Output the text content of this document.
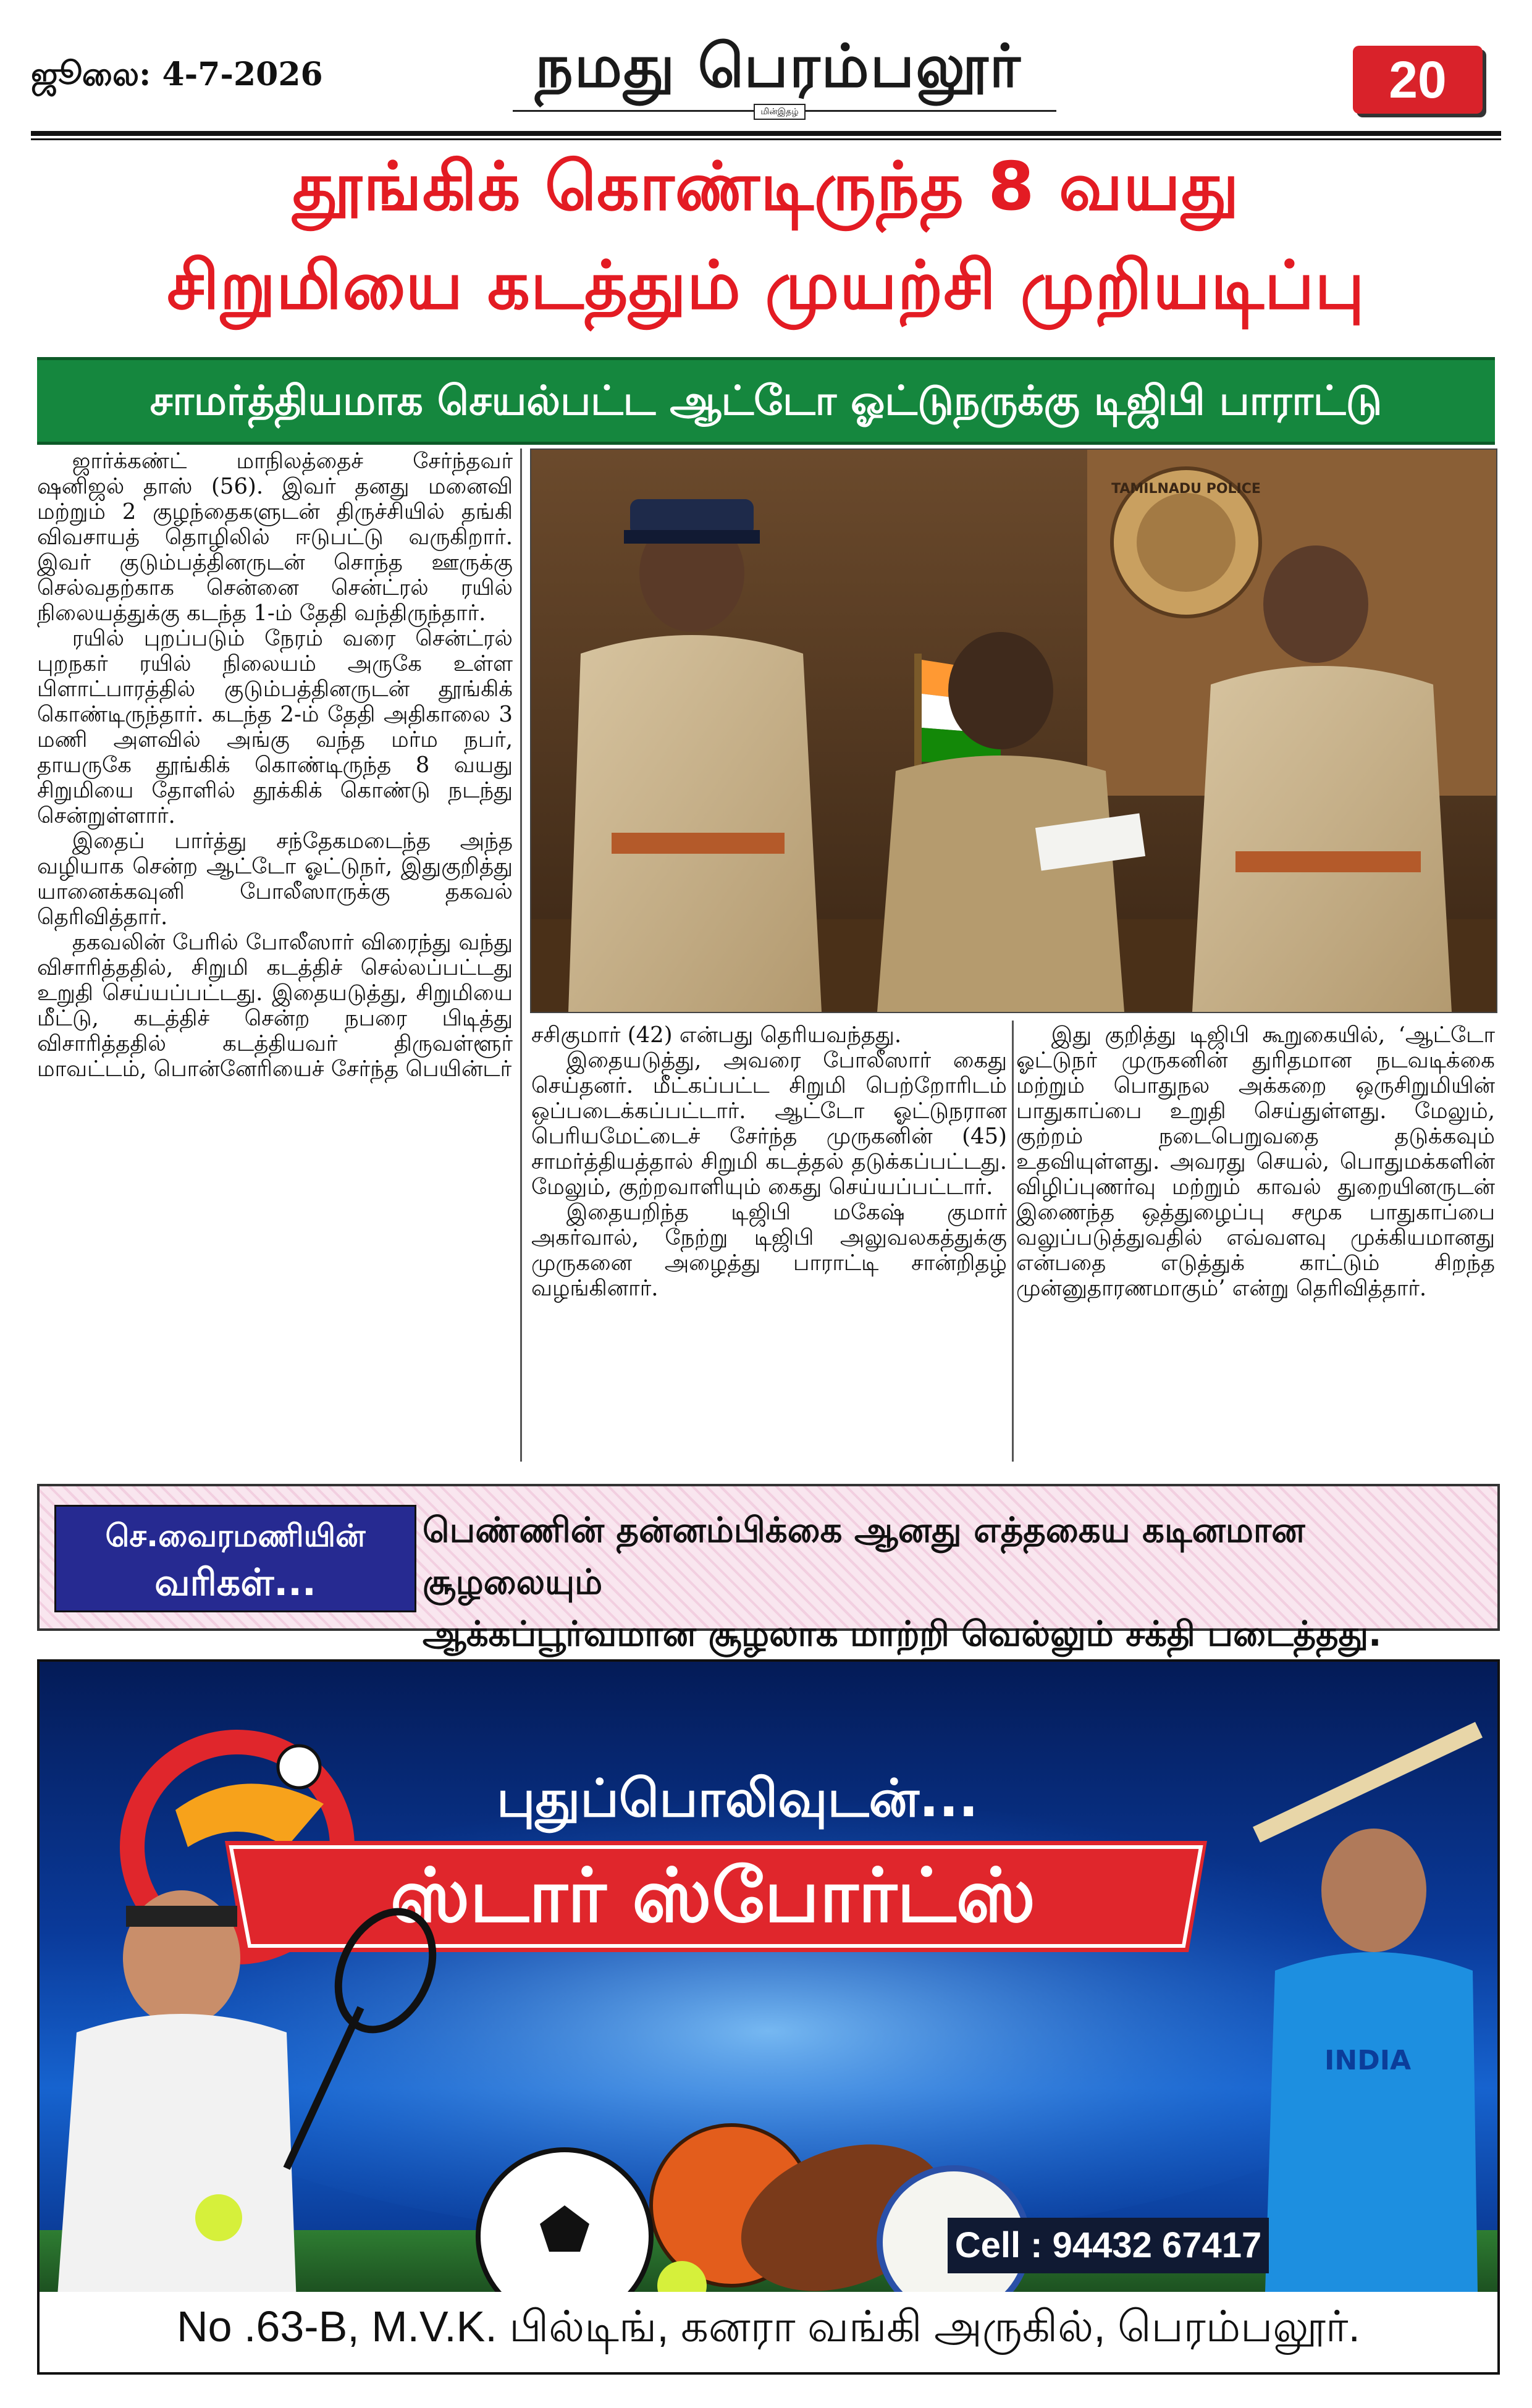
ஜூலை: 4-7-2026	நமது பெரம்பலூர்
மின்இதழ்
20
தூங்கிக் கொண்டிருந்த 8 வயது
சிறுமியை கடத்தும் முயற்சி முறியடிப்பு
சாமர்த்தியமாக செயல்பட்ட ஆட்டோ ஓட்டுநருக்கு டிஜிபி பாராட்டு

ஜார்க்கண்ட் மாநிலத்தைச் சேர்ந்தவர் ஷனிஜல் தாஸ் (56). இவர் தனது மனைவி மற்றும் 2 குழந்தைகளுடன் திருச்சியில் தங்கி விவசாயத் தொழிலில் ஈடுபட்டு வருகிறார். இவர் குடும்பத்தினருடன் சொந்த ஊருக்கு செல்வதற்காக சென்னை சென்ட்ரல் ரயில் நிலையத்துக்கு கடந்த 1-ம் தேதி வந்திருந்தார்.

ரயில் புறப்படும் நேரம் வரை சென்ட்ரல் புறநகர் ரயில் நிலையம் அருகே உள்ள பிளாட்பாரத்தில் குடும்பத்தினருடன் தூங்கிக் கொண்டிருந்தார். கடந்த 2-ம் தேதி அதிகாலை 3 மணி அளவில் அங்கு வந்த மர்ம நபர், தாயருகே தூங்கிக் கொண்டிருந்த 8 வயது சிறுமியை தோளில் தூக்கிக் கொண்டு நடந்து சென்றுள்ளார்.

இதைப் பார்த்து சந்தேகமடைந்த அந்த வழியாக சென்ற ஆட்டோ ஓட்டுநர், இதுகுறித்து யானைக்கவுனி போலீஸாருக்கு தகவல் தெரிவித்தார்.

தகவலின் பேரில் போலீஸார் விரைந்து வந்து விசாரித்ததில், சிறுமி கடத்திச் செல்லப்பட்டது உறுதி செய்யப்பட்டது. இதையடுத்து, சிறுமியை மீட்டு, கடத்திச் சென்ற நபரை பிடித்து விசாரித்ததில் கடத்தியவர் திருவள்ளூர் மாவட்டம், பொன்னேரியைச் சேர்ந்த பெயின்டர்

TAMILNADU POLICE

சசிகுமார் (42) என்பது தெரியவந்தது.

இதையடுத்து, அவரை போலீஸார் கைது செய்தனர். மீட்கப்பட்ட சிறுமி பெற்றோரிடம் ஒப்படைக்கப்பட்டார். ஆட்டோ ஓட்டுநரான பெரியமேட்டைச் சேர்ந்த முருகனின் (45) சாமர்த்தியத்தால் சிறுமி கடத்தல் தடுக்கப்பட்டது. மேலும், குற்றவாளியும் கைது செய்யப்பட்டார்.

இதையறிந்த டிஜிபி மகேஷ் குமார் அகர்வால், நேற்று டிஜிபி அலுவலகத்துக்கு முருகனை அழைத்து பாராட்டி சான்றிதழ் வழங்கினார்.

இது குறித்து டிஜிபி கூறுகையில், ‘ஆட்டோ ஓட்டுநர் முருகனின் துரிதமான நடவடிக்கை மற்றும் பொதுநல அக்கறை ஒருசிறுமியின் பாதுகாப்பை உறுதி செய்துள்ளது. மேலும், குற்றம் நடைபெறுவதை தடுக்கவும் உதவியுள்ளது. அவரது செயல், பொதுமக்களின் விழிப்புணர்வு மற்றும் காவல் துறையினருடன் இணைந்த ஒத்துழைப்பு சமூக பாதுகாப்பை வலுப்படுத்துவதில் எவ்வளவு முக்கியமானது என்பதை எடுத்துக் காட்டும் சிறந்த முன்னுதாரணமாகும்’ என்று தெரிவித்தார்.

செ.வைரமணியின்
வரிகள்...
பெண்ணின் தன்னம்பிக்கை ஆனது எத்தகைய கடினமான சூழலையும்
ஆக்கப்பூர்வமான சூழலாக மாற்றி வெல்லும் சக்தி படைத்தது.
புதுப்பொலிவுடன்...
ஸ்டார் ஸ்போர்ட்ஸ்
INDIA
Cell : 94432 67417
No .63-B, M.V.K. பில்டிங், கனரா வங்கி அருகில், பெரம்பலூர்.
